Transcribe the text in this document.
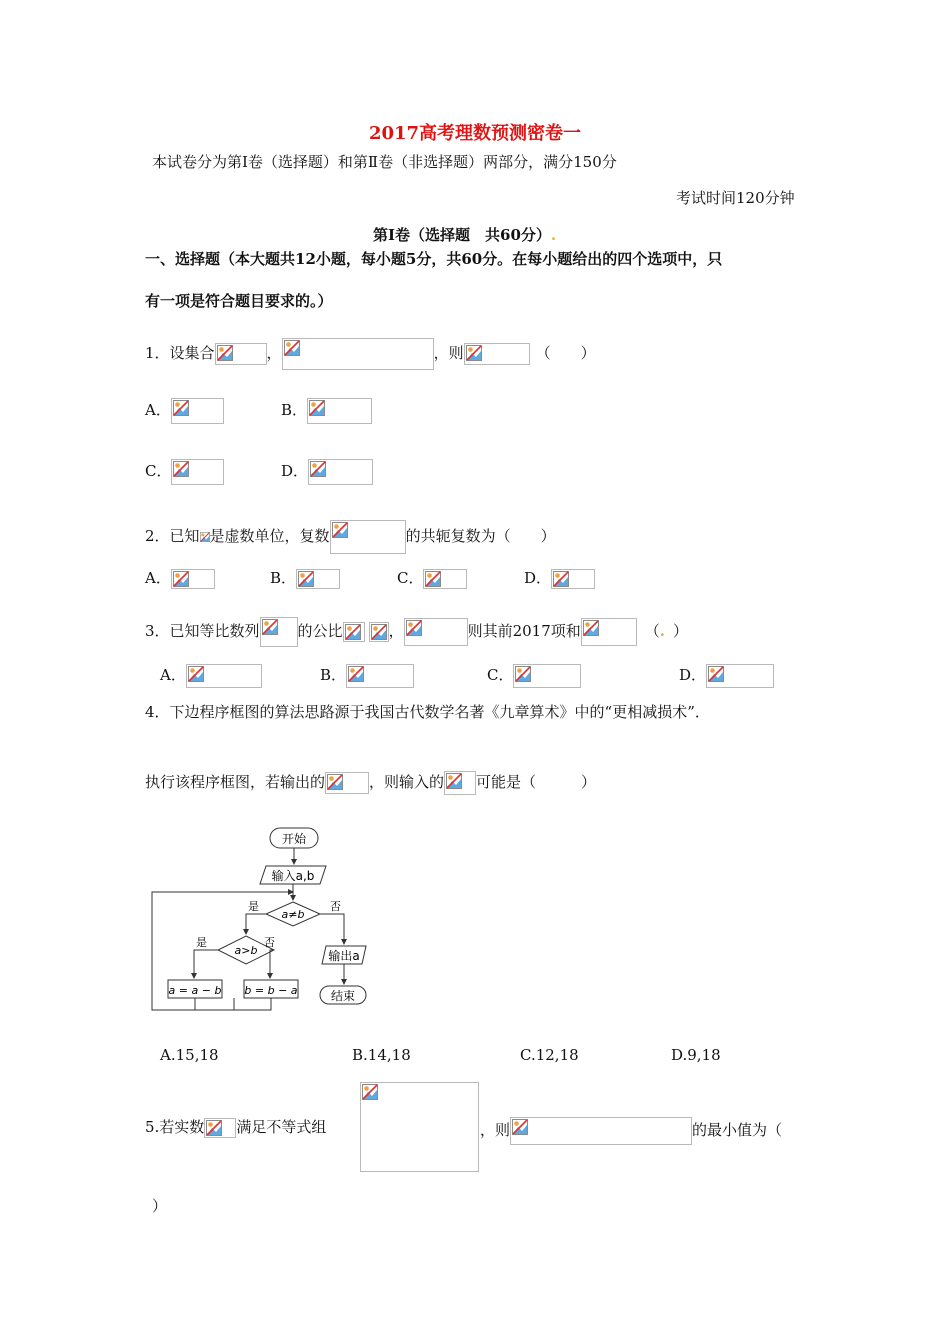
2017高考理数预测密卷一
本试卷分为第Ⅰ卷（选择题）和第Ⅱ卷（非选择题）两部分，满分150分
考试时间120分钟
第Ⅰ卷（选择题　共60分）.
一、选择题（本大题共12小题，每小题5分，共60分。在每小题给出的四个选项中，只
有一项是符合题目要求的。）
1．设集合	，	，则	（　　）
A．	B．
C．	D．
2．已知 是虚数单位，复数	的共轭复数为（　　）
A．	B．	C．	D．
3．已知等比数列	的公比	，	则其前2017项和	（. ）
A．	B．	C．	D．
4．下边程序框图的算法思路源于我国古代数学名著《九章算术》中的“更相减损术”．
执行该程序框图，若输出的	，则输入的 可能是（　　　）
开始
输入a,b
a≠b
是	否
输出a
结束
a>b
是	否
a = a − b b = b − a
A.15,18	B.14,18	C.12,18	D.9,18
5.若实数 满足不等式组	，则	的最小值为（
）
